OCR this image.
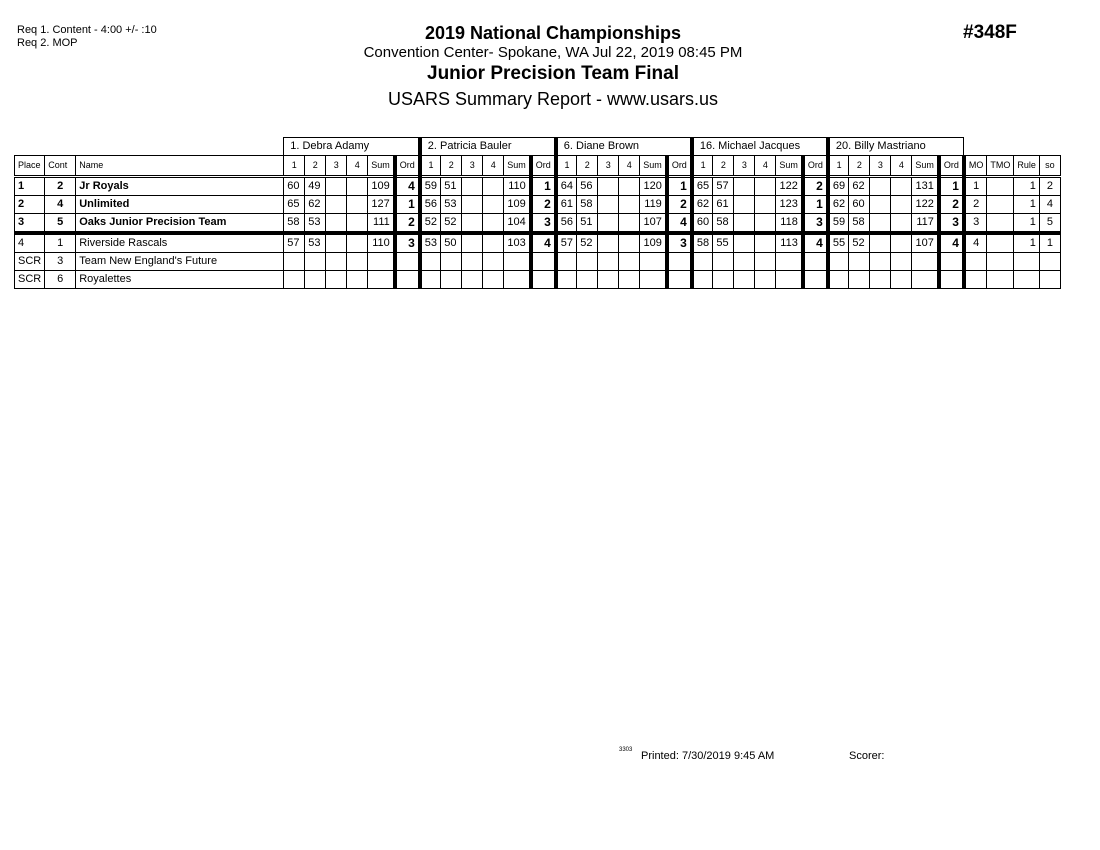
Req 1. Content - 4:00 +/- :10
Req 2. MOP	2019 National Championships
Convention Center- Spokane, WA Jul 22, 2019 08:45 PM
Junior Precision Team Final
USARS Summary Report - www.usars.us
#348F
			1. Debra Adamy						2. Patricia Bauler						6. Diane Brown						16. Michael Jacques						20. Billy Mastriano									
Place	Cont	Name	1	2	3	4	Sum	Ord	1	2	3	4	Sum	Ord	1	2	3	4	Sum	Ord	1	2	3	4	Sum	Ord	1	2	3	4	Sum	Ord	MO	TMO	Rule	so
1	2	Jr Royals	60	49			109	4	59	51			110	1	64	56			120	1	65	57			122	2	69	62			131	1	1		1	2
2	4	Unlimited	65	62			127	1	56	53			109	2	61	58			119	2	62	61			123	1	62	60			122	2	2		1	4
3	5	Oaks Junior Precision Team	58	53			111	2	52	52			104	3	56	51			107	4	60	58			118	3	59	58			117	3	3		1	5
4	1	Riverside Rascals	57	53			110	3	53	50			103	4	57	52			109	3	58	55			113	4	55	52			107	4	4		1	1
SCR	3	Team New England's Future																																		
SCR	6	Royalettes																																		
3303 Printed: 7/30/2019 9:45 AM	Scorer:
